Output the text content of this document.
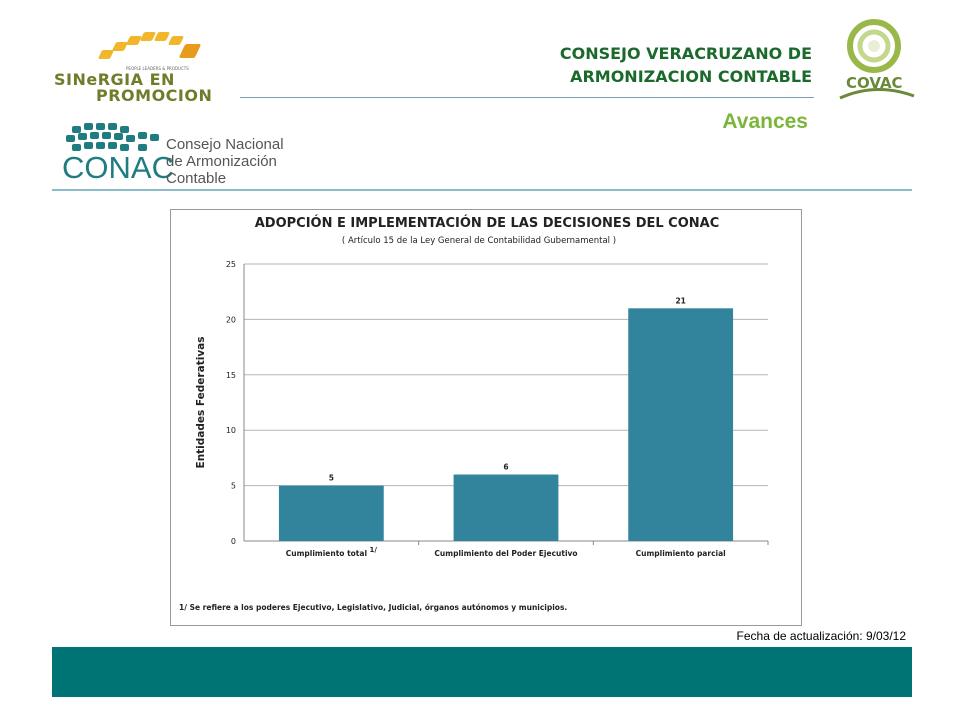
SINeRGIA EN
PEOPLE LEADERS & PRODUCTS
PROMOCION
CONSEJO VERACRUZANO DE
ARMONIZACION CONTABLE COVAC
Avances
CONAC
Consejo Nacional
de Armonización
Contable
ADOPCIÓN E IMPLEMENTACIÓN DE LAS DECISIONES DEL CONAC
( Artículo 15 de la Ley General de Contabilidad Gubernamental )
0
5
10
15
20
25
Entidades Federativas
5
Cumplimiento total 1/
6
Cumplimiento del Poder Ejecutivo
21
Cumplimiento parcial
1/ Se refiere a los poderes Ejecutivo, Legislativo, Judicial, órganos autónomos y municipios.
Fecha de actualización: 9/03/12
